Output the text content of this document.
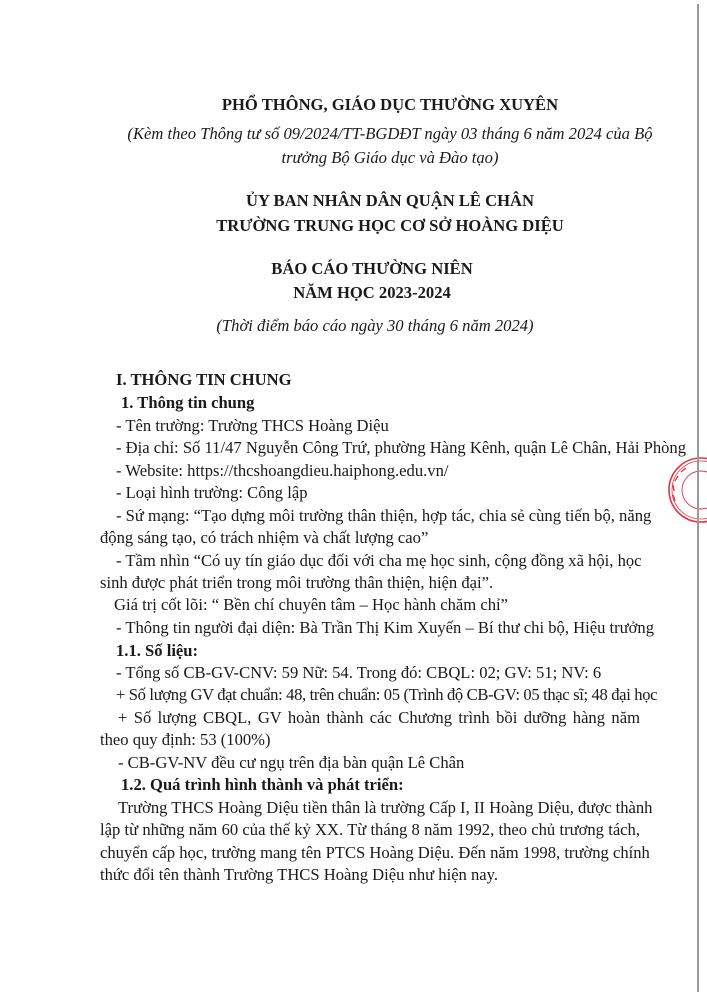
PHỔ THÔNG, GIÁO DỤC THƯỜNG XUYÊN
(Kèm theo Thông tư số 09/2024/TT-BGDĐT ngày 03 tháng 6 năm 2024 của Bộ
trưởng Bộ Giáo dục và Đào tạo)
ỦY BAN NHÂN DÂN QUẬN LÊ CHÂN
TRƯỜNG TRUNG HỌC CƠ SỞ HOÀNG DIỆU
BÁO CÁO THƯỜNG NIÊN
NĂM HỌC 2023-2024
(Thời điểm báo cáo ngày 30 tháng 6 năm 2024)
I. THÔNG TIN CHUNG
1. Thông tin chung
- Tên trường: Trường THCS Hoàng Diệu
- Địa chỉ: Số 11/47 Nguyễn Công Trứ, phường Hàng Kênh, quận Lê Chân, Hải Phòng
- Website: https://thcshoangdieu.haiphong.edu.vn/
- Loại hình trường: Công lập
- Sứ mạng: “Tạo dựng môi trường thân thiện, hợp tác, chia sẻ cùng tiến bộ, năng
động sáng tạo, có trách nhiệm và chất lượng cao”
- Tầm nhìn “Có uy tín giáo dục đối với cha mẹ học sinh, cộng đồng xã hội, học
sinh được phát triển trong môi trường thân thiện, hiện đại”.
Giá trị cốt lõi: “ Bền chí chuyên tâm – Học hành chăm chỉ”
- Thông tin người đại diện: Bà Trần Thị Kim Xuyến – Bí thư chi bộ, Hiệu trưởng
1.1. Số liệu:
- Tổng số CB-GV-CNV: 59 Nữ: 54. Trong đó: CBQL: 02; GV: 51; NV: 6
+ Số lượng GV đạt chuẩn: 48, trên chuẩn: 05 (Trình độ CB-GV: 05 thạc sĩ; 48 đại học
+ Số lượng CBQL, GV hoàn thành các Chương trình bồi dưỡng hàng năm
theo quy định: 53 (100%)
- CB-GV-NV đều cư ngụ trên địa bàn quận Lê Chân
1.2. Quá trình hình thành và phát triển:
Trường THCS Hoàng Diệu tiền thân là trường Cấp I, II Hoàng Diệu, được thành
lập từ những năm 60 của thế kỷ XX. Từ tháng 8 năm 1992, theo chủ trương tách,
chuyển cấp học, trường mang tên PTCS Hoàng Diệu. Đến năm 1998, trường chính
thức đổi tên thành Trường THCS Hoàng Diệu như hiện nay.
